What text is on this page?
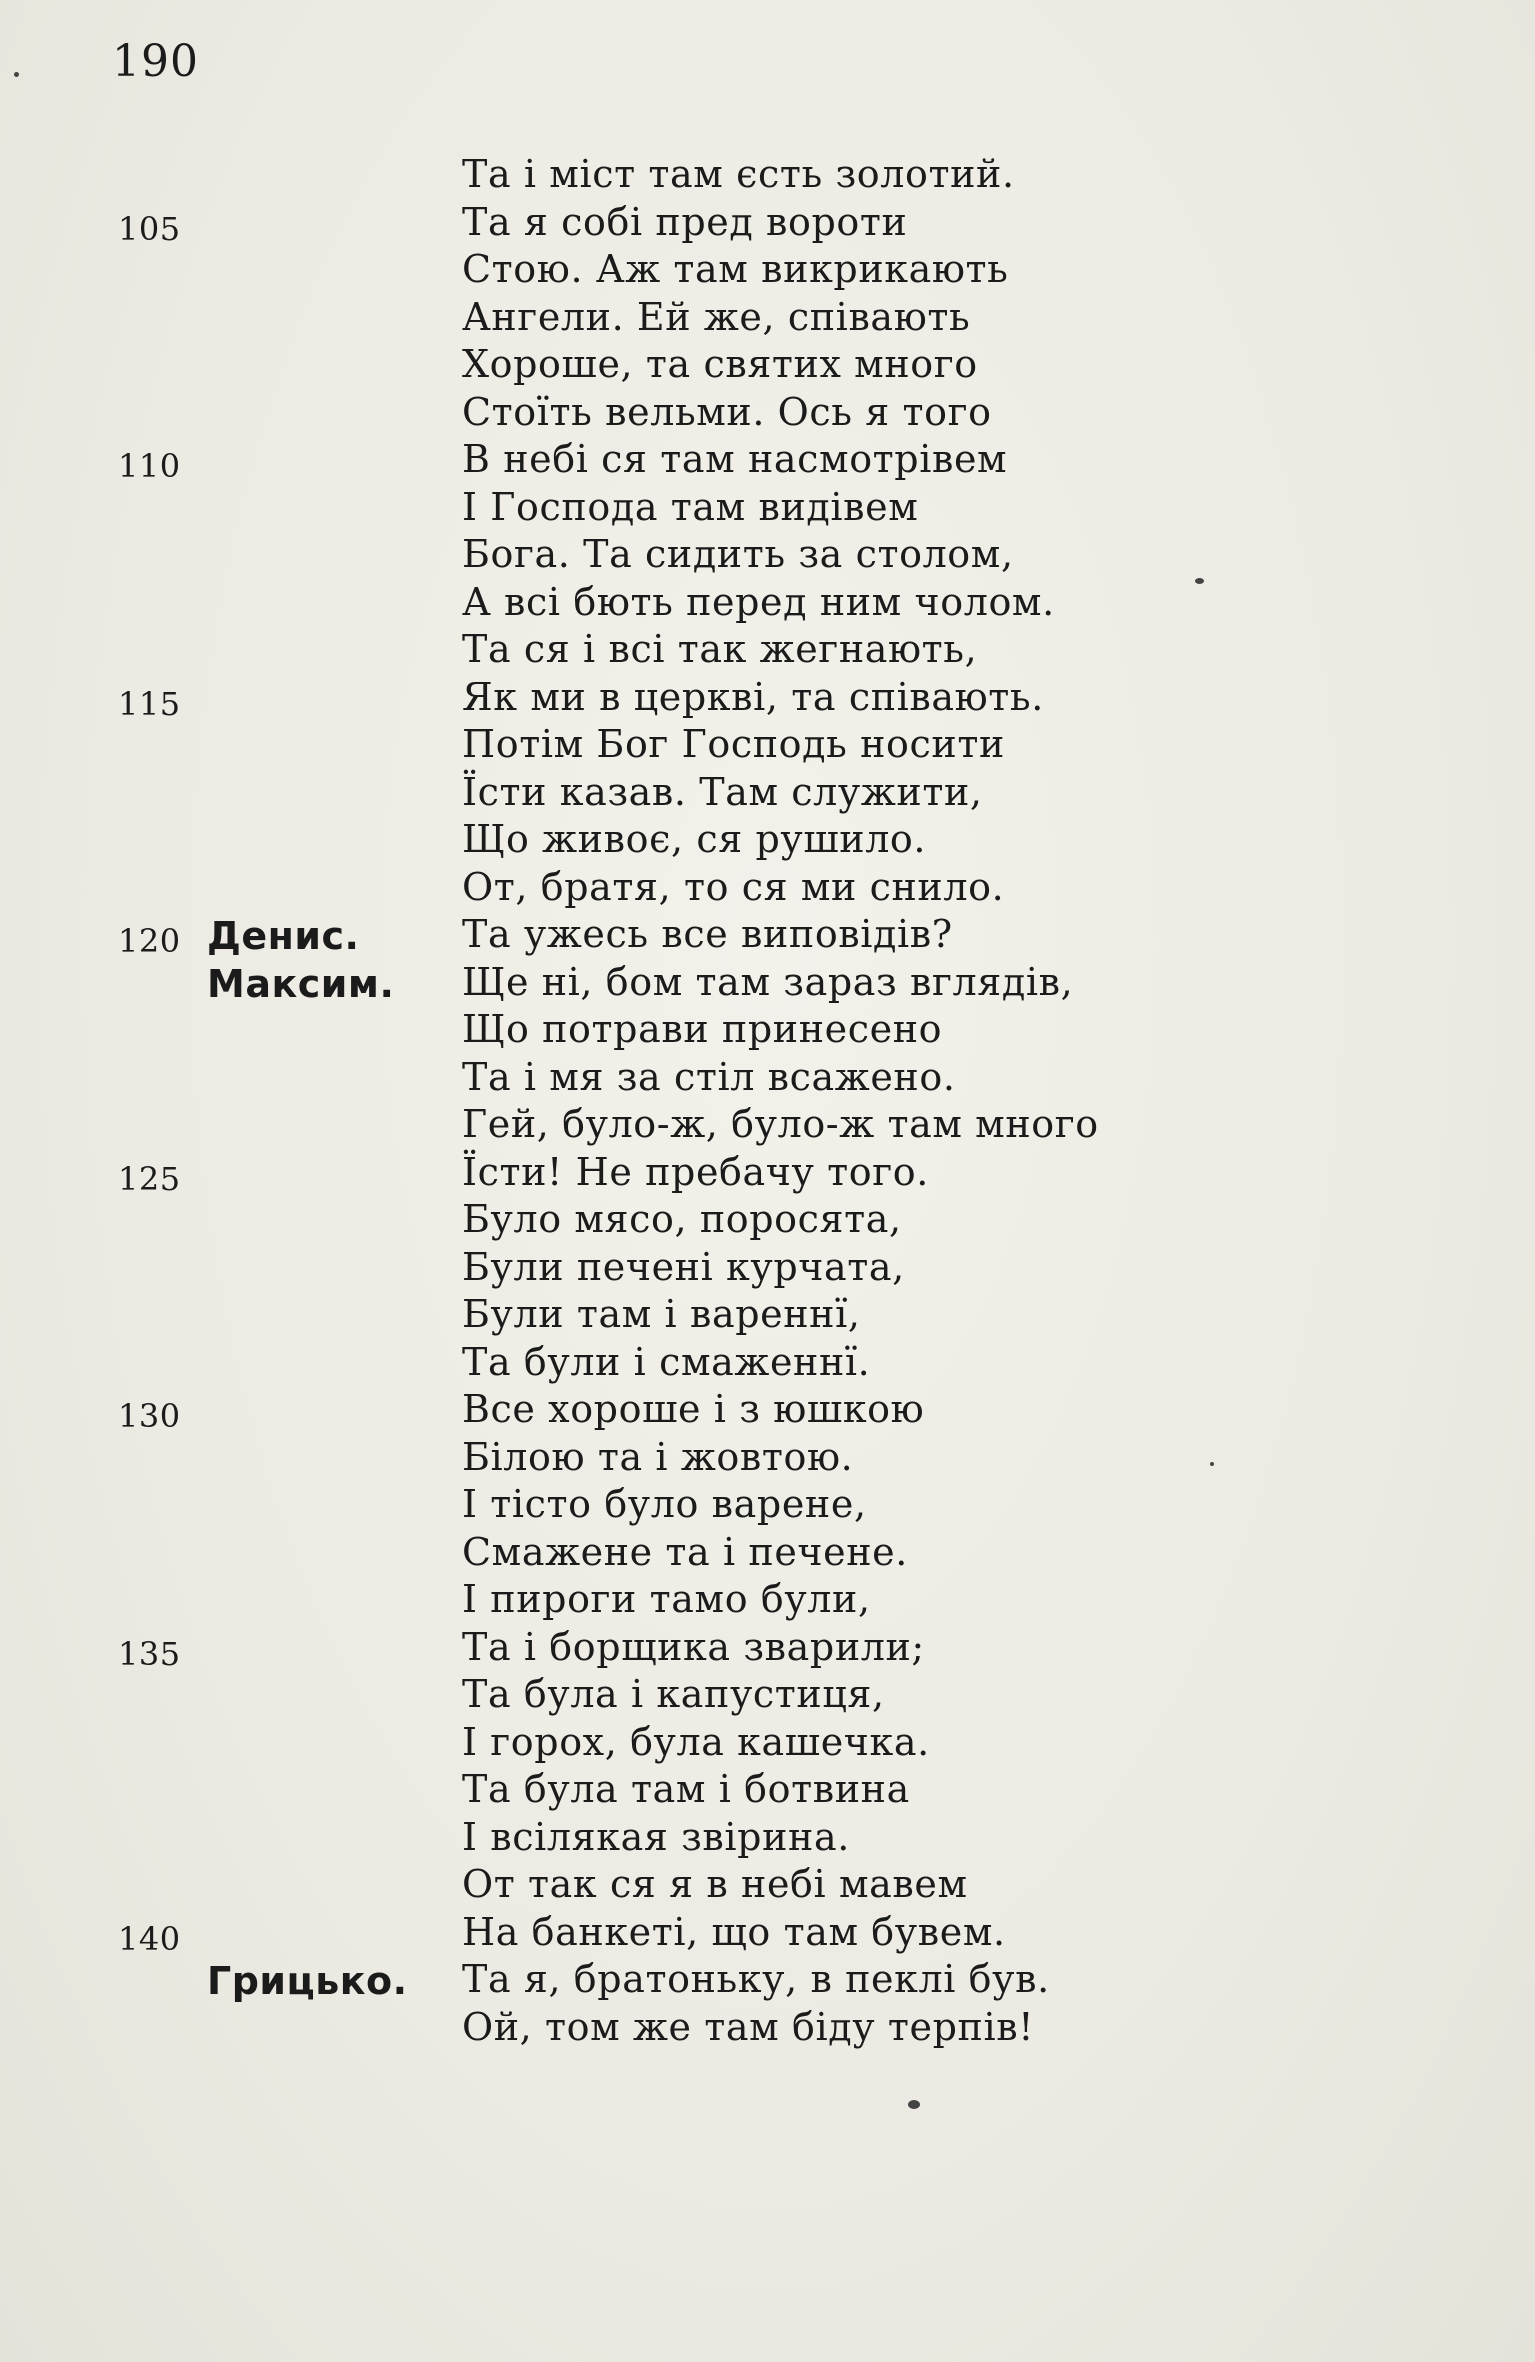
190
Та і міст там єсть золотий.
105	Та я собі пред вороти
Стою. Аж там викрикають
Ангели. Ей же, співають
Хороше, та святих много
Стоїть вельми. Ось я того
110	В небі ся там насмотрівем
І Господа там видівем
Бога. Та сидить за столом,
А всі бють перед ним чолом.
Та ся і всі так жегнають,
115	Як ми в церкві, та співають.
Потім Бог Господь носити
Їсти казав. Там служити,
Що живоє, ся рушило.
От, братя, то ся ми снило.
120 Денис.	Та ужесь все виповідів?
Максим. Ще ні, бом там зараз вглядів,
Що потрави принесено
Та і мя за стіл всажено.
Гей, було-ж, було-ж там много
125	Їсти! Не пребачу того.
Було мясо, поросята,
Були печені курчата,
Були там і вареннї,
Та були і смаженнї.
130	Все хороше і з юшкою
Білою та і жовтою.
І тісто було варене,
Смажене та і печене.
І пироги тамо були,
135	Та і борщика зварили;
Та була і капустиця,
І горох, була кашечка.
Та була там і ботвина
І всілякая звірина.
От так ся я в небі мавем
140	На банкеті, що там бувем.
Грицько. Та я, братоньку, в пеклі був.
Ой, том же там біду терпів!
